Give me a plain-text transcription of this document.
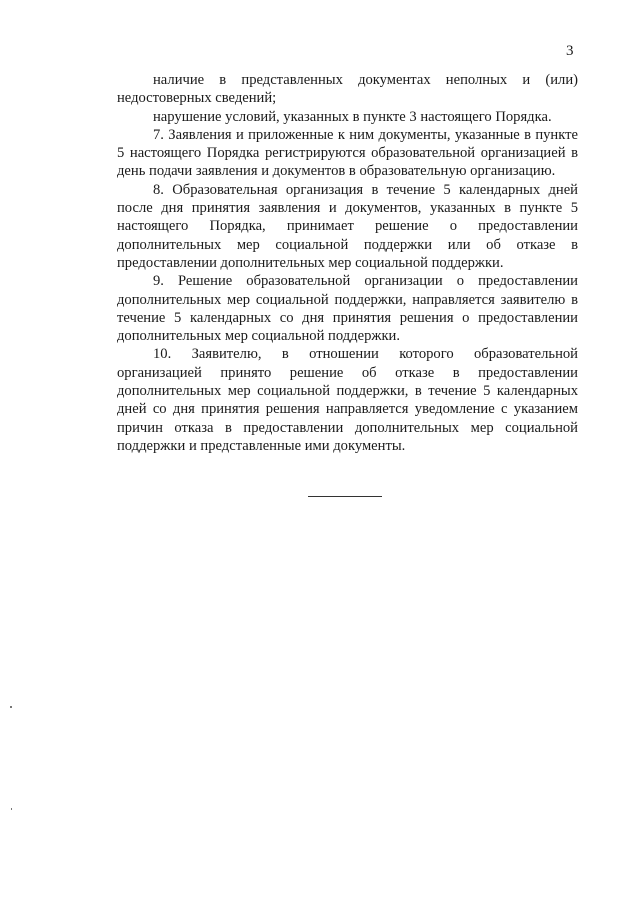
3

наличие в представленных документах неполных и (или) недостоверных сведений;

нарушение условий, указанных в пункте 3 настоящего Порядка.

7. Заявления и приложенные к ним документы, указанные в пункте 5 настоящего Порядка регистрируются образовательной организацией в день подачи заявления и документов в образовательную организацию.

8. Образовательная организация в течение 5 календарных дней после дня принятия заявления и документов, указанных в пункте 5 настоящего Порядка, принимает решение о предоставлении дополнительных мер социальной поддержки или об отказе в предоставлении дополнительных мер социальной поддержки.

9. Решение образовательной организации о предоставлении дополнительных мер социальной поддержки, направляется заявителю в течение 5 календарных со дня принятия решения о предоставлении дополнительных мер социальной поддержки.

10. Заявителю, в отношении которого образовательной организацией принято решение об отказе в предоставлении дополнительных мер социальной поддержки, в течение 5 календарных дней со дня принятия решения направляется уведомление с указанием причин отказа в предоставлении дополнительных мер социальной поддержки и представленные ими документы.
